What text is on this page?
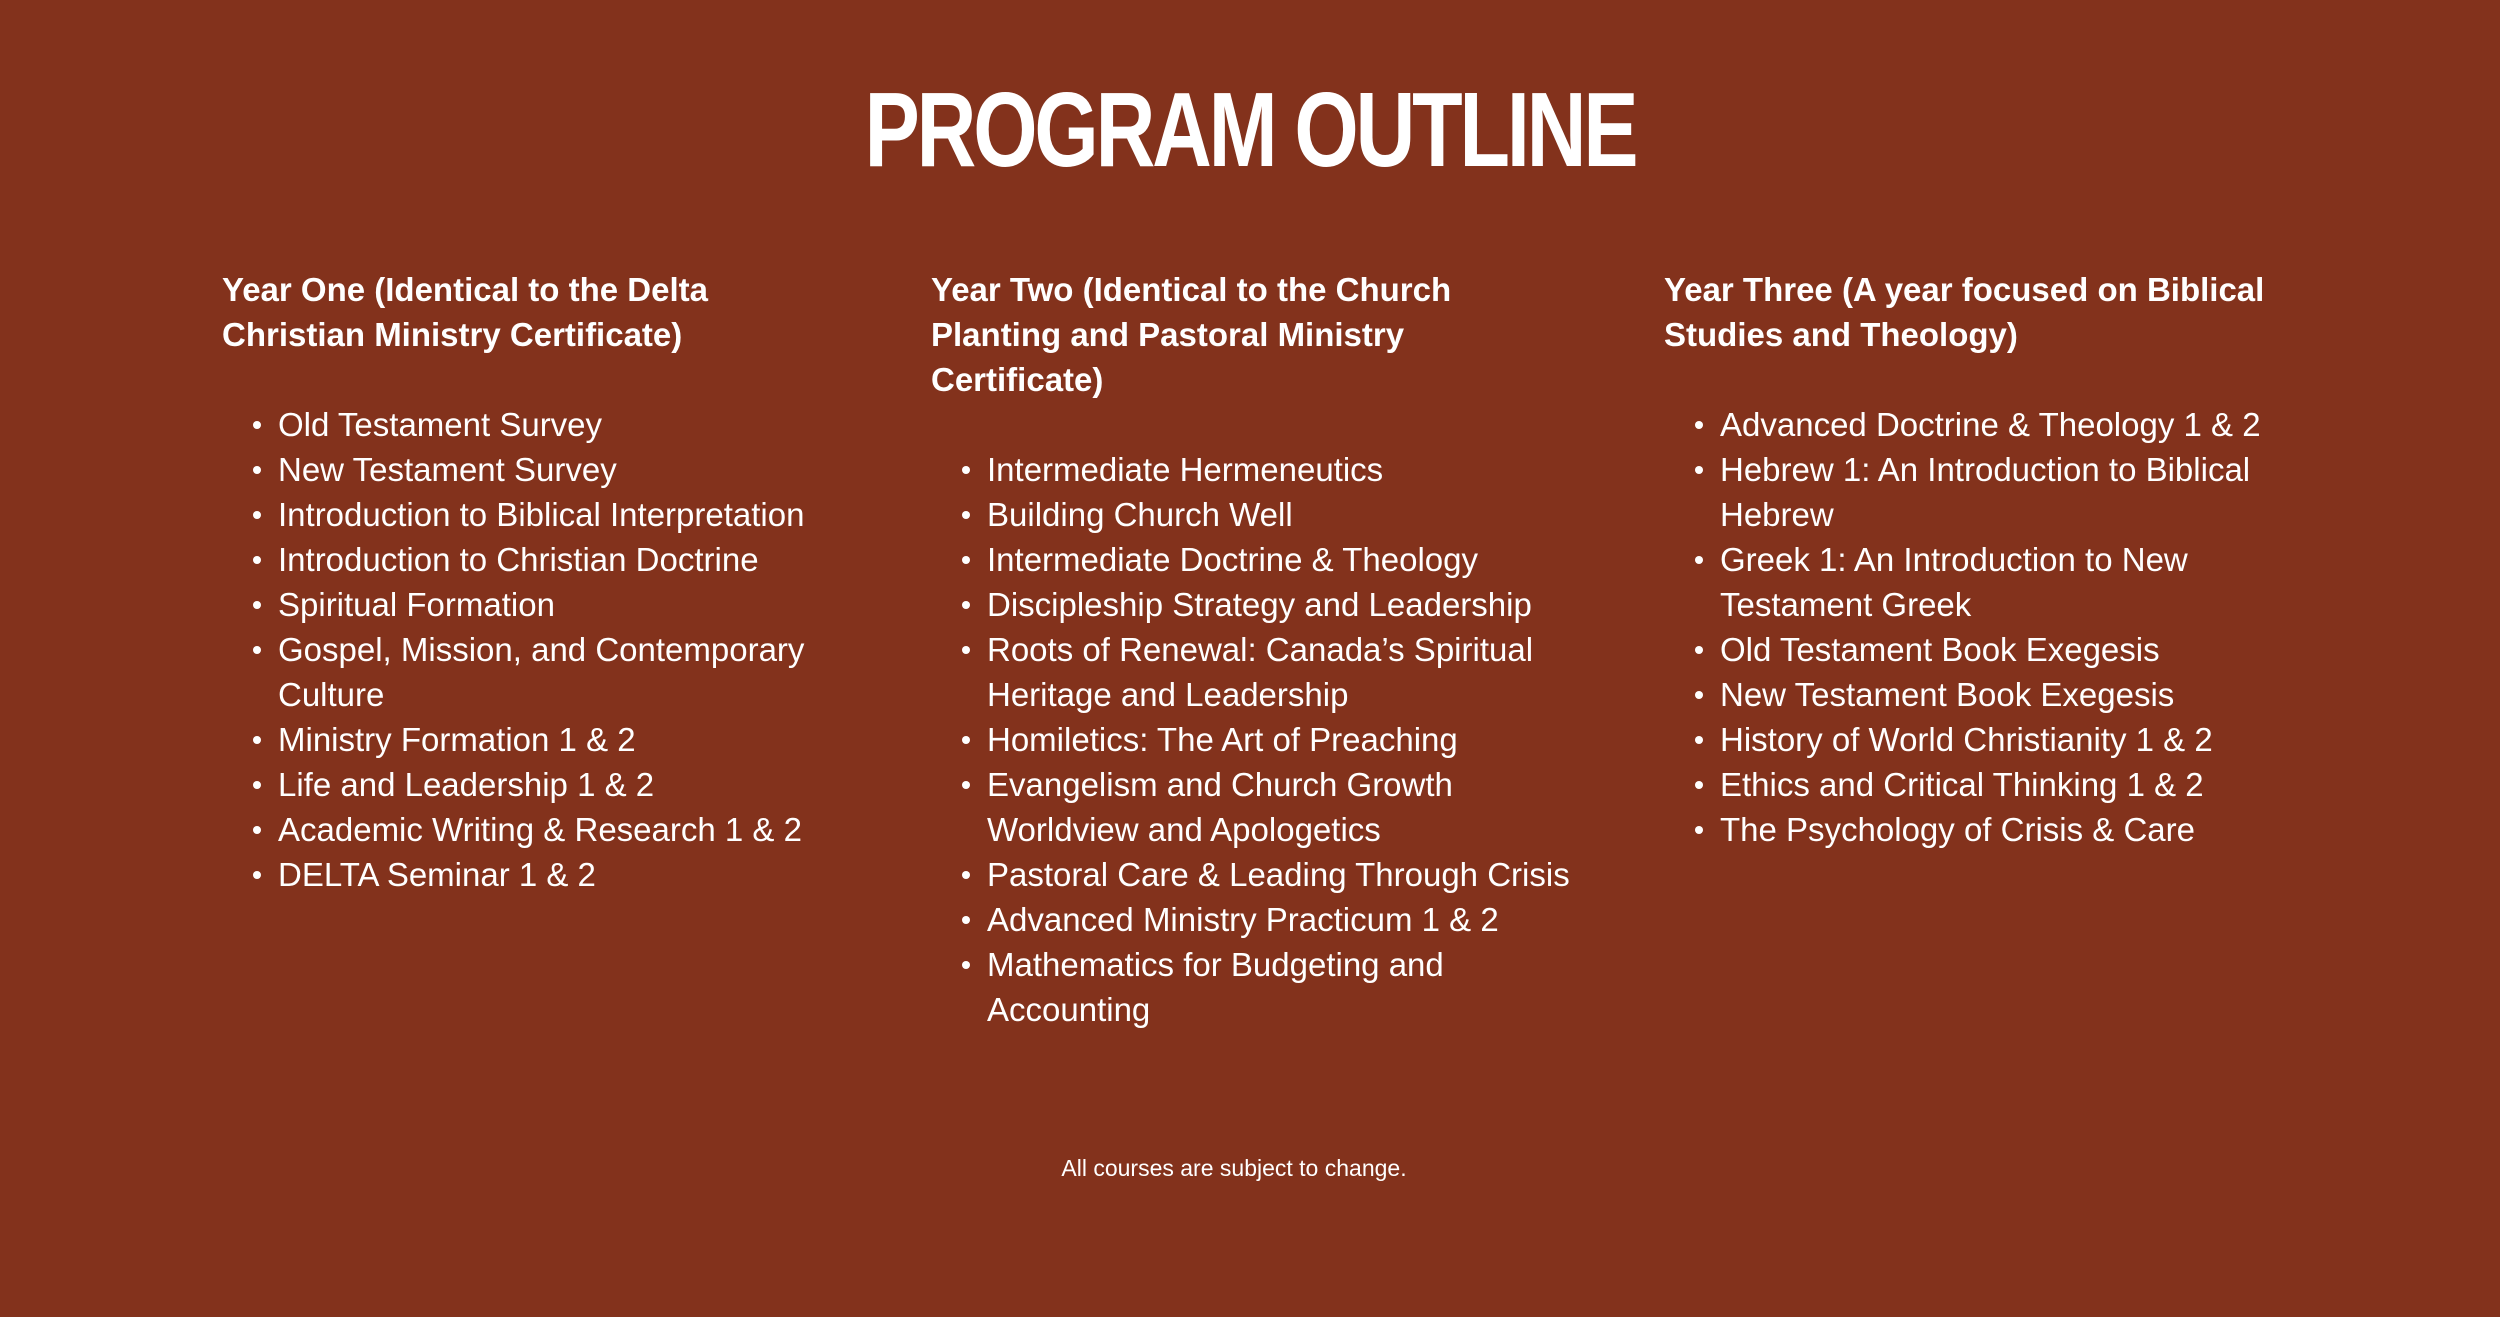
PROGRAM OUTLINE
Year One (Identical to the Delta Christian Ministry Certificate)
Old Testament Survey
New Testament Survey
Introduction to Biblical Interpretation
Introduction to Christian Doctrine
Spiritual Formation
Gospel, Mission, and Contemporary Culture
Ministry Formation 1 & 2
Life and Leadership 1 & 2
Academic Writing & Research 1 & 2
DELTA Seminar 1 & 2
Year Two (Identical to the Church Planting and Pastoral Ministry Certificate)
Intermediate Hermeneutics
Building Church Well
Intermediate Doctrine & Theology
Discipleship Strategy and Leadership
Roots of Renewal: Canada’s Spiritual Heritage and Leadership
Homiletics: The Art of Preaching
Evangelism and Church Growth Worldview and Apologetics
Pastoral Care & Leading Through Crisis
Advanced Ministry Practicum 1 & 2
Mathematics for Budgeting and Accounting
Year Three (A year focused on Biblical Studies and Theology)
Advanced Doctrine & Theology 1 & 2
Hebrew 1: An Introduction to Biblical Hebrew
Greek 1: An Introduction to New Testament Greek
Old Testament Book Exegesis
New Testament Book Exegesis
History of World Christianity 1 & 2
Ethics and Critical Thinking 1 & 2
The Psychology of Crisis & Care
All courses are subject to change.
